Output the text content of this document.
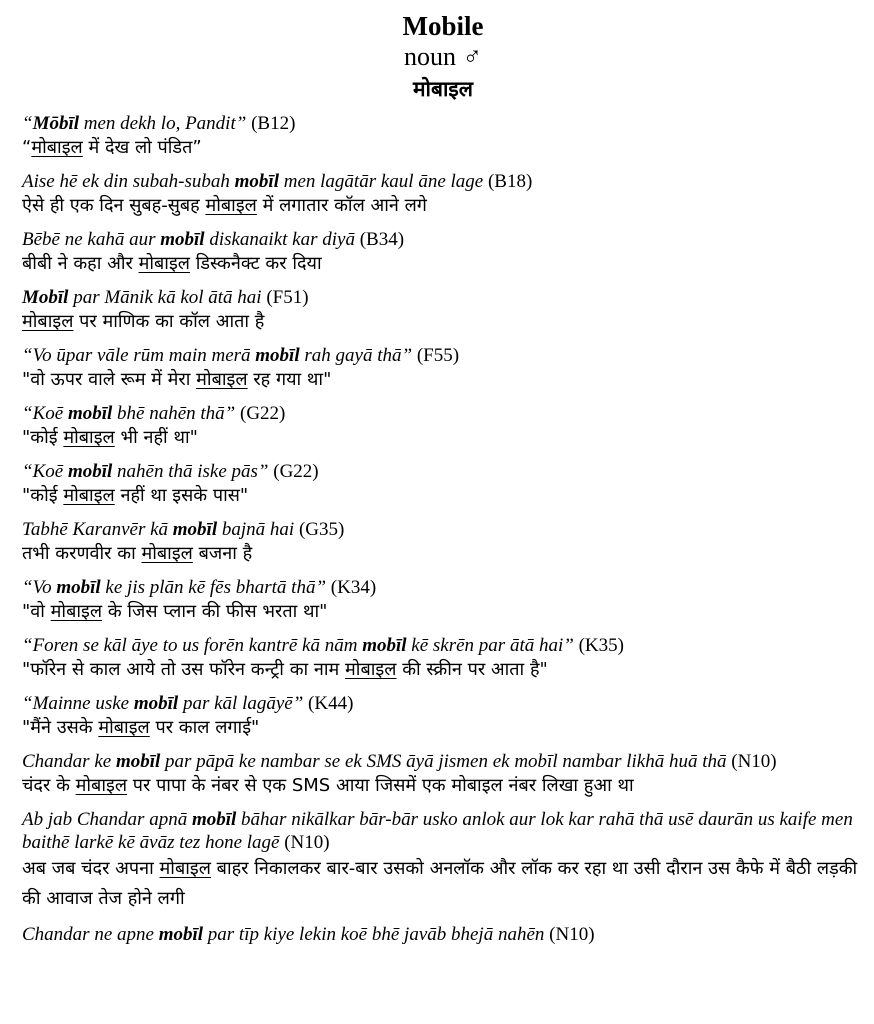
Mobile
noun ♂
मोबाइल
“Mōbīl men dekh lo, Pandit” (B12)
“मोबाइल में देख लो पंडित”
Aise hē ek din subah-subah mobīl men lagātār kaul āne lage (B18)
ऐसे ही एक दिन सुबह-सुबह मोबाइल में लगातार कॉल आने लगे
Bēbē ne kahā aur mobīl diskanaikt kar diyā (B34)
बीबी ने कहा और मोबाइल डिस्कनैक्ट कर दिया
Mobīl par Mānik kā kol ātā hai (F51)
मोबाइल पर माणिक का कॉल आता है
“Vo ūpar vāle rūm main merā mobīl rah gayā thā” (F55)
"वो ऊपर वाले रूम में मेरा मोबाइल रह गया था"
“Koē mobīl bhē nahēn thā” (G22)
"कोई मोबाइल भी नहीं था"
“Koē mobīl nahēn thā iske pās” (G22)
"कोई मोबाइल नहीं था इसके पास"
Tabhē Karanvēr kā mobīl bajnā hai (G35)
तभी करणवीर का मोबाइल बजना है
“Vo mobīl ke jis plān kē fēs bhartā thā” (K34)
"वो मोबाइल के जिस प्लान की फीस भरता था"
“Foren se kāl āye to us forēn kantrē kā nām mobīl kē skrēn par ātā hai” (K35)
"फॉरेन से काल आये तो उस फॉरेन कन्ट्री का नाम मोबाइल की स्क्रीन पर आता है"
“Mainne uske mobīl par kāl lagāyē” (K44)
"मैंने उसके मोबाइल पर काल लगाई"
Chandar ke mobīl par pāpā ke nambar se ek SMS āyā jismen ek mobīl nambar likhā huā thā (N10)
चंदर के मोबाइल पर पापा के नंबर से एक SMS आया जिसमें एक मोबाइल नंबर लिखा हुआ था
Ab jab Chandar apnā mobīl bāhar nikālkar bār-bār usko anlok aur lok kar rahā thā usē daurān us kaife men baithē larkē kē āvāz tez hone lagē (N10)
अब जब चंदर अपना मोबाइल बाहर निकालकर बार-बार उसको अनलॉक और लॉक कर रहा था उसी दौरान उस कैफे में बैठी लड़की की आवाज तेज होने लगी
Chandar ne apne mobīl par tīp kiye lekin koē bhē javāb bhejā nahēn (N10)
